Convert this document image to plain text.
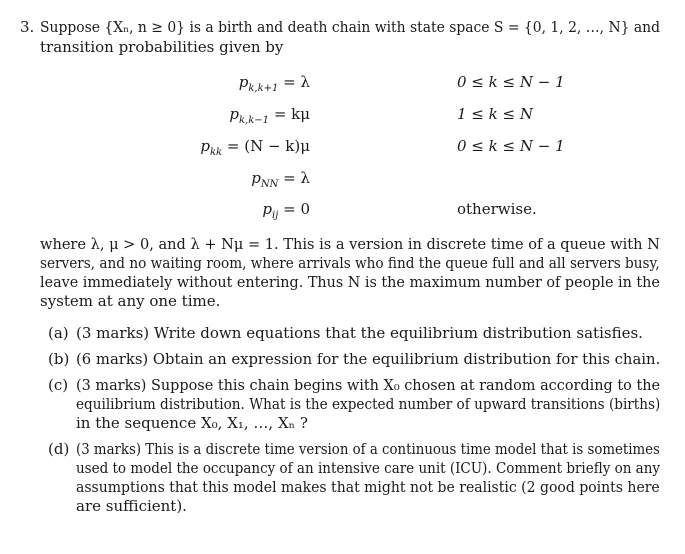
3. Suppose {Xₙ, n ≥ 0} is a birth and death chain with state space S = {0, 1, 2, …, N} and
transition probabilities given by
$p_{k,k+1} = \lambda$	0 ≤ k ≤ N − 1
$p_{k,k-1} = k\mu$	1 ≤ k ≤ N
$p_{kk} = (N - k)\mu$	0 ≤ k ≤ N − 1
$p_{NN} = \lambda$
$p_{ij} = 0$	otherwise.
where λ, μ > 0, and λ + Nμ = 1. This is a version in discrete time of a queue with N
servers, and no waiting room, where arrivals who find the queue full and all servers busy,
leave immediately without entering. Thus N is the maximum number of people in the
system at any one time.
(a) (3 marks) Write down equations that the equilibrium distribution satisfies.
(b) (6 marks) Obtain an expression for the equilibrium distribution for this chain.
(c) (3 marks) Suppose this chain begins with X₀ chosen at random according to the
equilibrium distribution. What is the expected number of upward transitions (births)
in the sequence X₀, X₁, …, Xₙ ?
(d) (3 marks) This is a discrete time version of a continuous time model that is sometimes
used to model the occupancy of an intensive care unit (ICU). Comment briefly on any
assumptions that this model makes that might not be realistic (2 good points here
are sufficient).
